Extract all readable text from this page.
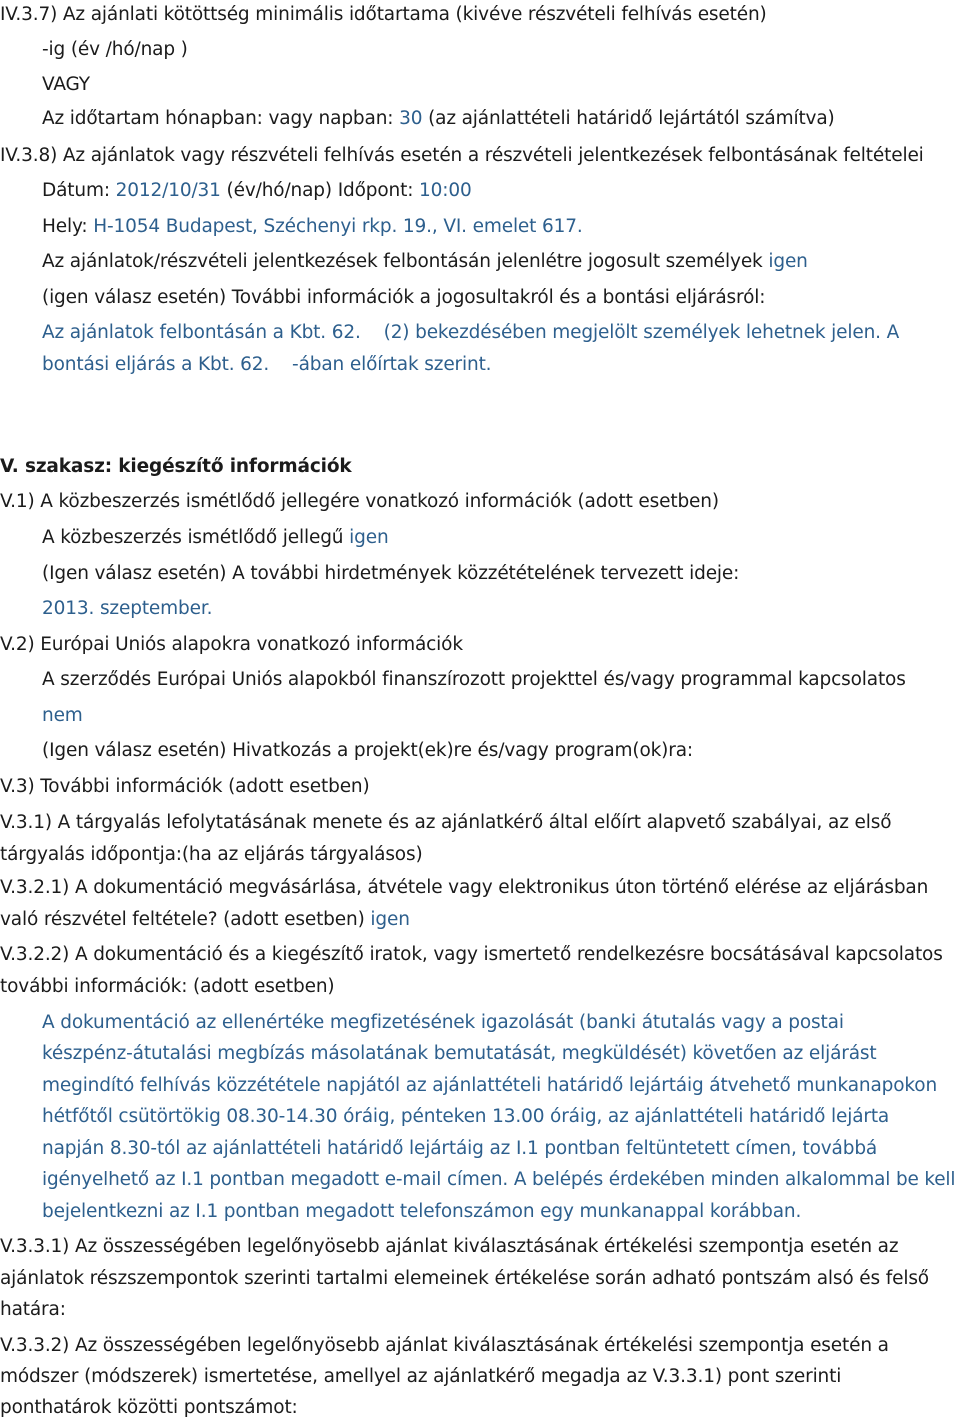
IV.3.7) Az ajánlati kötöttség minimális időtartama (kivéve részvételi felhívás esetén)
-ig (év /hó/nap )
VAGY
Az időtartam hónapban: vagy napban: 30 (az ajánlattételi határidő lejártától számítva)
IV.3.8) Az ajánlatok vagy részvételi felhívás esetén a részvételi jelentkezések felbontásának feltételei
Dátum: 2012/10/31 (év/hó/nap) Időpont: 10:00
Hely: H-1054 Budapest, Széchenyi rkp. 19., VI. emelet 617.
Az ajánlatok/részvételi jelentkezések felbontásán jelenlétre jogosult személyek igen
(igen válasz esetén) További információk a jogosultakról és a bontási eljárásról:
Az ajánlatok felbontásán a Kbt. 62.    (2) bekezdésében megjelölt személyek lehetnek jelen. A
bontási eljárás a Kbt. 62.    -ában előírtak szerint.
V. szakasz: kiegészítő információk
V.1) A közbeszerzés ismétlődő jellegére vonatkozó információk (adott esetben)
A közbeszerzés ismétlődő jellegű igen
(Igen válasz esetén) A további hirdetmények közzétételének tervezett ideje:
2013. szeptember.
V.2) Európai Uniós alapokra vonatkozó információk
A szerződés Európai Uniós alapokból finanszírozott projekttel és/vagy programmal kapcsolatos
nem
(Igen válasz esetén) Hivatkozás a projekt(ek)re és/vagy program(ok)ra:
V.3) További információk (adott esetben)
V.3.1) A tárgyalás lefolytatásának menete és az ajánlatkérő által előírt alapvető szabályai, az első
tárgyalás időpontja:(ha az eljárás tárgyalásos)
V.3.2.1) A dokumentáció megvásárlása, átvétele vagy elektronikus úton történő elérése az eljárásban
való részvétel feltétele? (adott esetben) igen
V.3.2.2) A dokumentáció és a kiegészítő iratok, vagy ismertető rendelkezésre bocsátásával kapcsolatos
további információk: (adott esetben)
A dokumentáció az ellenértéke megfizetésének igazolását (banki átutalás vagy a postai
készpénz-átutalási megbízás másolatának bemutatását, megküldését) követően az eljárást
megindító felhívás közzététele napjától az ajánlattételi határidő lejártáig átvehető munkanapokon
hétfőtől csütörtökig 08.30-14.30 óráig, pénteken 13.00 óráig, az ajánlattételi határidő lejárta
napján 8.30-tól az ajánlattételi határidő lejártáig az I.1 pontban feltüntetett címen, továbbá
igényelhető az I.1 pontban megadott e-mail címen. A belépés érdekében minden alkalommal be kell
bejelentkezni az I.1 pontban megadott telefonszámon egy munkanappal korábban.
V.3.3.1) Az összességében legelőnyösebb ajánlat kiválasztásának értékelési szempontja esetén az
ajánlatok részszempontok szerinti tartalmi elemeinek értékelése során adható pontszám alsó és felső
határa:
V.3.3.2) Az összességében legelőnyösebb ajánlat kiválasztásának értékelési szempontja esetén a
módszer (módszerek) ismertetése, amellyel az ajánlatkérő megadja az V.3.3.1) pont szerinti
ponthatárok közötti pontszámot:
